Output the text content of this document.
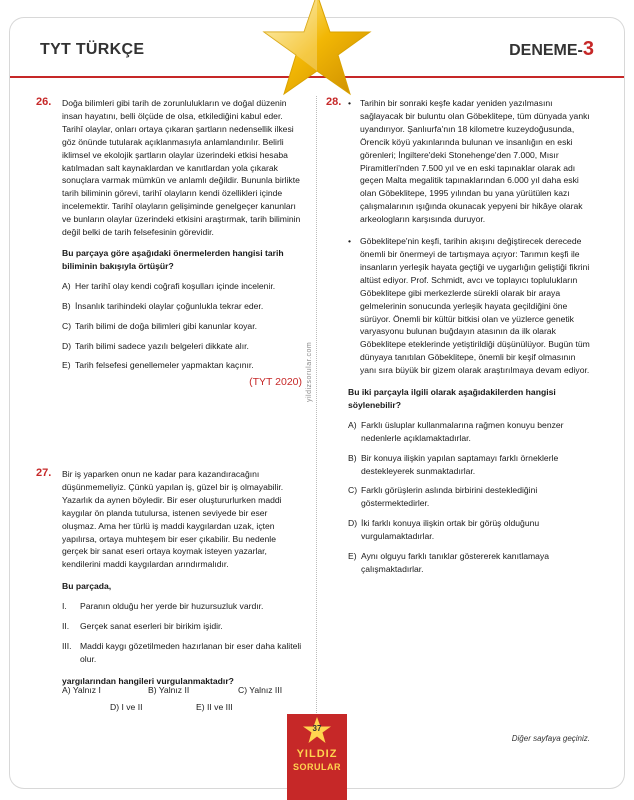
TYT TÜRKÇE	DENEME-3
yildizsorular.com
26. Doğa bilimleri gibi tarih de zorunlulukların ve doğal düzenin insan hayatını, belli ölçüde de olsa, etkilediğini kabul eder. Tarihî olaylar, onları ortaya çıkaran şartların nedensellik ilkesi göz önünde tutularak açıklanmasıyla anlamlandırılır. Belirli iklimsel ve ekolojik şartların olaylar üzerindeki etkisi hesaba katılmadan salt kaynaklardan ve kanıtlardan yola çıkarak sonuçlara varmak mümkün ve anlamlı değildir. Bununla birlikte tarih biliminin görevi, tarihî olayların kendi özellikleri içinde incelemektir. Tarihî olayların gelişiminde genelgeçer kanunları ve bunların olaylar üzerindeki etkisini araştırmak, tarih biliminin değil belki de tarih felsefesinin görevidir.

Bu parçaya göre aşağıdaki önermelerden hangisi tarih biliminin bakışıyla örtüşür?

A) Her tarihî olay kendi coğrafi koşulları içinde incelenir.
B) İnsanlık tarihindeki olaylar çoğunlukla tekrar eder.
C) Tarih bilimi de doğa bilimleri gibi kanunlar koyar.
D) Tarih bilimi sadece yazılı belgeleri dikkate alır.
E) Tarih felsefesi genellemeler yapmaktan kaçınır.
(TYT 2020)
27. Bir iş yaparken onun ne kadar para kazandıracağını düşünmemeliyiz. Çünkü yapılan iş, güzel bir iş olmayabilir. Yazarlık da aynen böyledir. Bir eser oluştururlurken maddi kaygılar ön planda tutulursa, istenen seviyede bir eser oluşmaz. Ama her türlü iş maddi kaygılardan uzak, içten yapılırsa, ortaya muhteşem bir eser çıkabilir. Bu nedenle gerçek bir sanat eseri ortaya koymak isteyen yazarlar, kendilerini maddi kaygılardan arındırmalıdır.

Bu parçada,

I.	Paranın olduğu her yerde bir huzursuzluk vardır.
II.	Gerçek sanat eserleri bir birikim işidir.
III. Maddi kaygı gözetilmeden hazırlanan bir eser daha kaliteli olur.

yargılarından hangileri vurgulanmaktadır?

A) Yalnız I	B) Yalnız II	C) Yalnız III
D) I ve II	E) II ve III
28. •	Tarihin bir sonraki keşfe kadar yeniden yazılmasını sağlayacak bir buluntu olan Göbeklitepe, tüm dünyada yankı uyandırıyor. Şanlıurfa'nın 18 kilometre kuzeydoğusunda, Örencik köyü yakınlarında bulunan ve insanlığın en eski görenleri; İngiltere'deki Stonehenge'den 7.000, Mısır Piramitleri'nden 7.500 yıl ve en eski tapınaklar olarak adı geçen Malta megalitik tapınaklarından 6.000 yıl daha eski olan Göbeklitepe, 1995 yılından bu yana yürütülen kazı çalışmalarının ışığında okunacak yepyeni bir hikâye olarak arkeologların karşısında duruyor.
•	Göbeklitepe'nin keşfi, tarihin akışını değiştirecek derecede önemli bir önermeyi de tartışmaya açıyor: Tarımın keşfi ile insanların yerleşik hayata geçtiği ve uygarlığın geliştiği fikrini altüst ediyor. Prof. Schmidt, avcı ve toplayıcı toplulukların Göbeklitepe gibi merkezlerde sürekli olarak bir araya gelmelerinin sonucunda yerleşik hayata geçildiğini öne sürüyor. Önemli bir kültür bitkisi olan ve yüzlerce genetik varyasyonu bulunan buğdayın atasının da ilk olarak Göbeklitepe eteklerinde yetiştirildiği düşünülüyor. Bugün tüm dünyaya tanıtılan Göbeklitepe, önemli bir keşif olmasının yanı sıra büyük bir gizem olarak araştırılmaya devam ediyor.

Bu iki parçayla ilgili olarak aşağıdakilerden hangisi söylenebilir?

A) Farklı üsluplar kullanmalarına rağmen konuyu benzer nedenlerle açıklamaktadırlar.
B) Bir konuya ilişkin yapılan saptamayı farklı örneklerle destekleyerek sunmaktadırlar.
C) Farklı görüşlerin aslında birbirini desteklediğini göstermektedirler.
D) İki farklı konuya ilişkin ortak bir görüş olduğunu vurgulamaktadırlar.
E) Aynı olguyu farklı tanıklar göstererek kanıtlamaya çalışmaktadırlar.
Diğer sayfaya geçiniz.
37
YILDIZ
SORULAR
